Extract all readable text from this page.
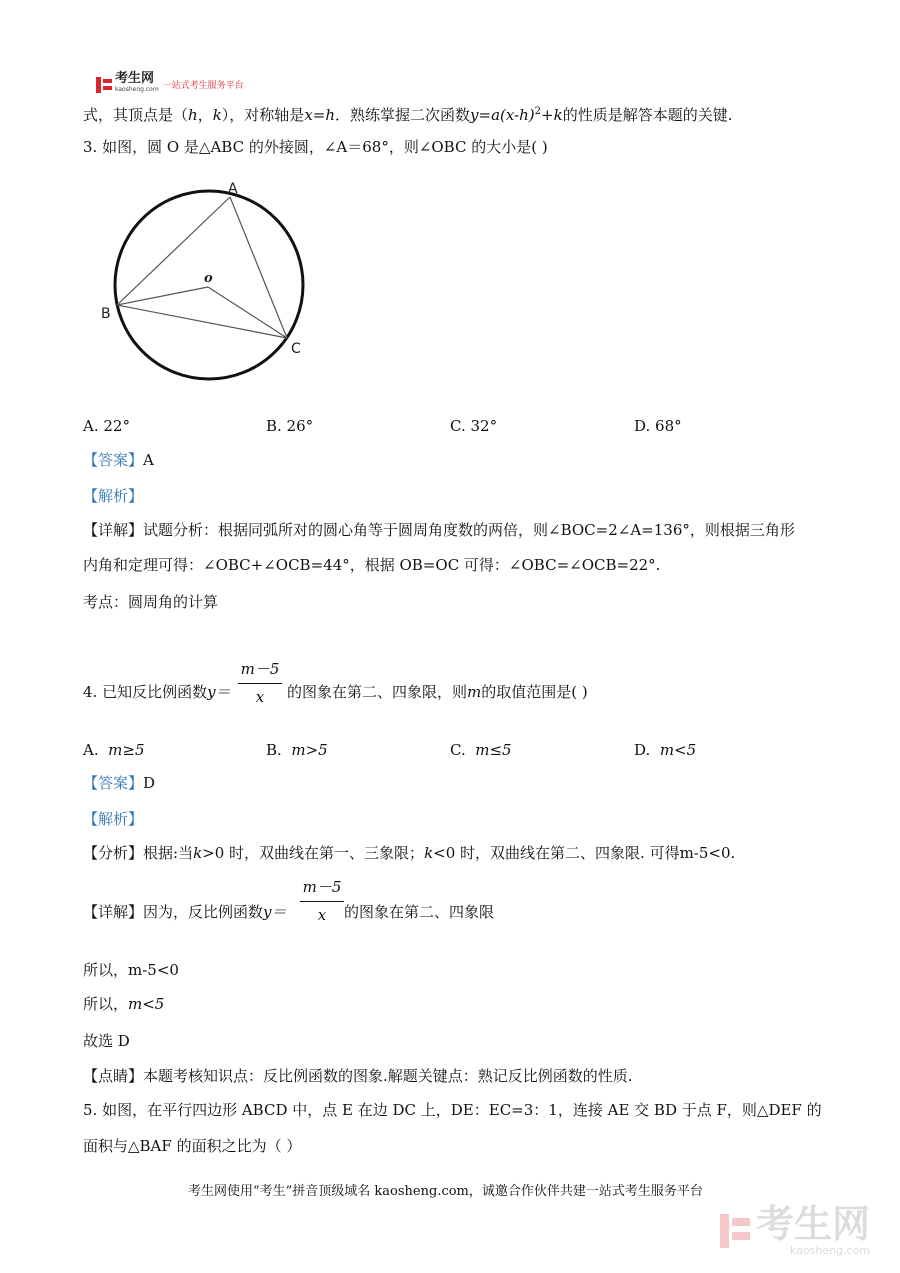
考生网
kaosheng.com 一站式考生服务平台
式，其顶点是（h，k），对称轴是x=h．熟练掌握二次函数$y=a(x-h)^2+k$的性质是解答本题的关键.
3. 如图，圆 O 是△ABC 的外接圆，∠A＝68°，则∠OBC 的大小是( )
A
B
C
o
A. 22°	B. 26°	C. 32°	D. 68°
【答案】A
【解析】
【详解】试题分析：根据同弧所对的圆心角等于圆周角度数的两倍，则∠BOC=2∠A=136°，则根据三角形
内角和定理可得：∠OBC+∠OCB=44°，根据 OB=OC 可得：∠OBC=∠OCB=22°.
考点：圆周角的计算
4. 已知反比例函数y＝
m－5
x	的图象在第二、四象限，则m的取值范围是( )
A. m≥5	B. m>5	C. m≤5	D. m<5
【答案】D
【解析】
【分析】根据:当k>0 时，双曲线在第一、三象限；k<0 时，双曲线在第二、四象限. 可得m-5<0.
【详解】因为，反比例函数y＝
m－5
x	的图象在第二、四象限
所以，m-5<0
所以，m<5
故选 D
【点睛】本题考核知识点：反比例函数的图象.解题关键点：熟记反比例函数的性质.
5. 如图，在平行四边形 ABCD 中，点 E 在边 DC 上，DE：EC=3：1，连接 AE 交 BD 于点 F，则△DEF 的
面积与△BAF 的面积之比为（ ）
考生网使用“考生”拼音顶级域名 kaosheng.com，诚邀合作伙伴共建一站式考生服务平台
考生网
kaosheng.com
